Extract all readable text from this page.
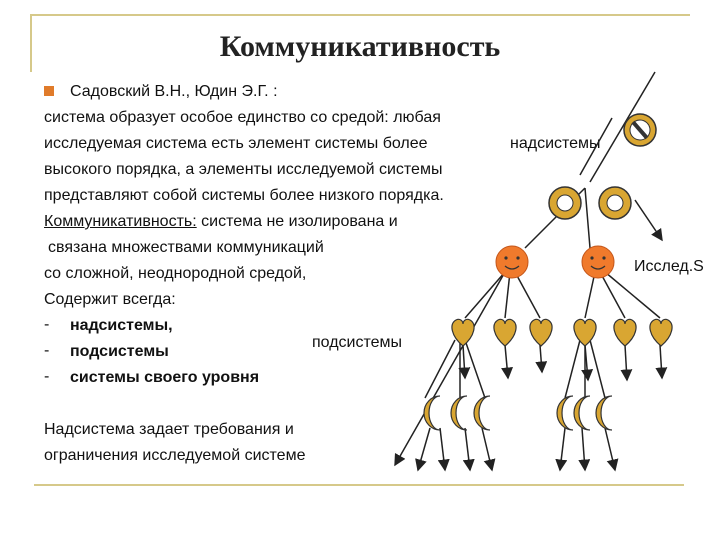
Коммуникативность
Садовский В.Н., Юдин Э.Г. :
система образует особое единство со средой: любая
исследуемая система есть элемент системы более
высокого порядка, а элементы исследуемой системы
представляют собой системы более низкого порядка.
Коммуникативность: система не изолирована и
связана множествами коммуникаций
со сложной, неоднородной средой,
Содержит всегда:
- надсистемы,
- подсистемы
- системы своего уровня
Надсистема задает требования и
ограничения исследуемой системе
надсистемы
подсистемы
Исслед.S
